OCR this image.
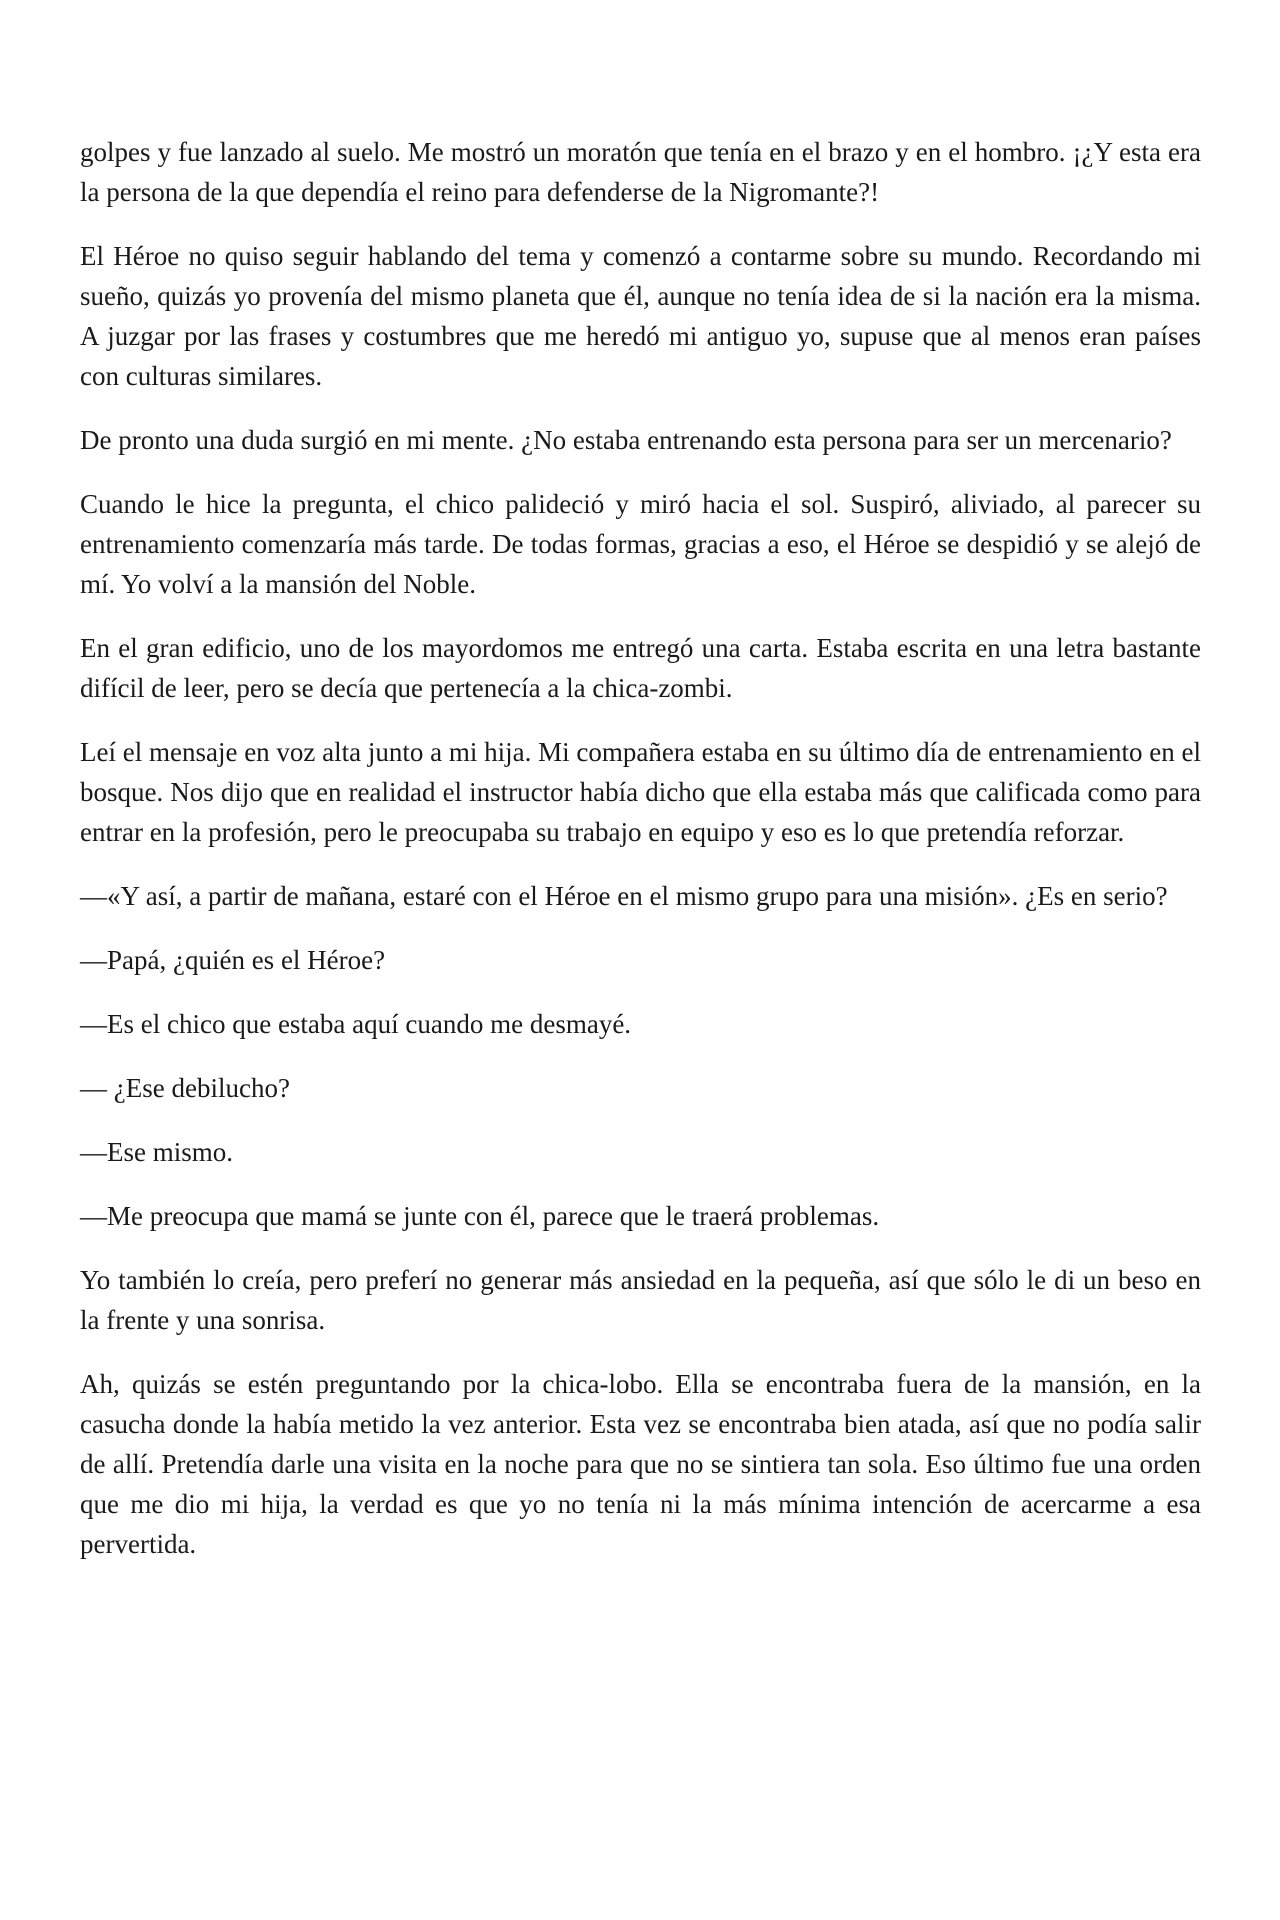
golpes y fue lanzado al suelo. Me mostró un moratón que tenía en el brazo y en el hombro. ¡¿Y esta era la persona de la que dependía el reino para defenderse de la Nigromante?!

El Héroe no quiso seguir hablando del tema y comenzó a contarme sobre su mundo. Recordando mi sueño, quizás yo provenía del mismo planeta que él, aunque no tenía idea de si la nación era la misma. A juzgar por las frases y costumbres que me heredó mi antiguo yo, supuse que al menos eran países con culturas similares.

De pronto una duda surgió en mi mente. ¿No estaba entrenando esta persona para ser un mercenario?

Cuando le hice la pregunta, el chico palideció y miró hacia el sol. Suspiró, aliviado, al parecer su entrenamiento comenzaría más tarde. De todas formas, gracias a eso, el Héroe se despidió y se alejó de mí. Yo volví a la mansión del Noble.

En el gran edificio, uno de los mayordomos me entregó una carta. Estaba escrita en una letra bastante difícil de leer, pero se decía que pertenecía a la chica-zombi.

Leí el mensaje en voz alta junto a mi hija. Mi compañera estaba en su último día de entrenamiento en el bosque. Nos dijo que en realidad el instructor había dicho que ella estaba más que calificada como para entrar en la profesión, pero le preocupaba su trabajo en equipo y eso es lo que pretendía reforzar.

—«Y así, a partir de mañana, estaré con el Héroe en el mismo grupo para una misión». ¿Es en serio?

—Papá, ¿quién es el Héroe?

—Es el chico que estaba aquí cuando me desmayé.

— ¿Ese debilucho?

—Ese mismo.

—Me preocupa que mamá se junte con él, parece que le traerá problemas.

Yo también lo creía, pero preferí no generar más ansiedad en la pequeña, así que sólo le di un beso en la frente y una sonrisa.

Ah, quizás se estén preguntando por la chica-lobo. Ella se encontraba fuera de la mansión, en la casucha donde la había metido la vez anterior. Esta vez se encontraba bien atada, así que no podía salir de allí. Pretendía darle una visita en la noche para que no se sintiera tan sola. Eso último fue una orden que me dio mi hija, la verdad es que yo no tenía ni la más mínima intención de acercarme a esa pervertida.
